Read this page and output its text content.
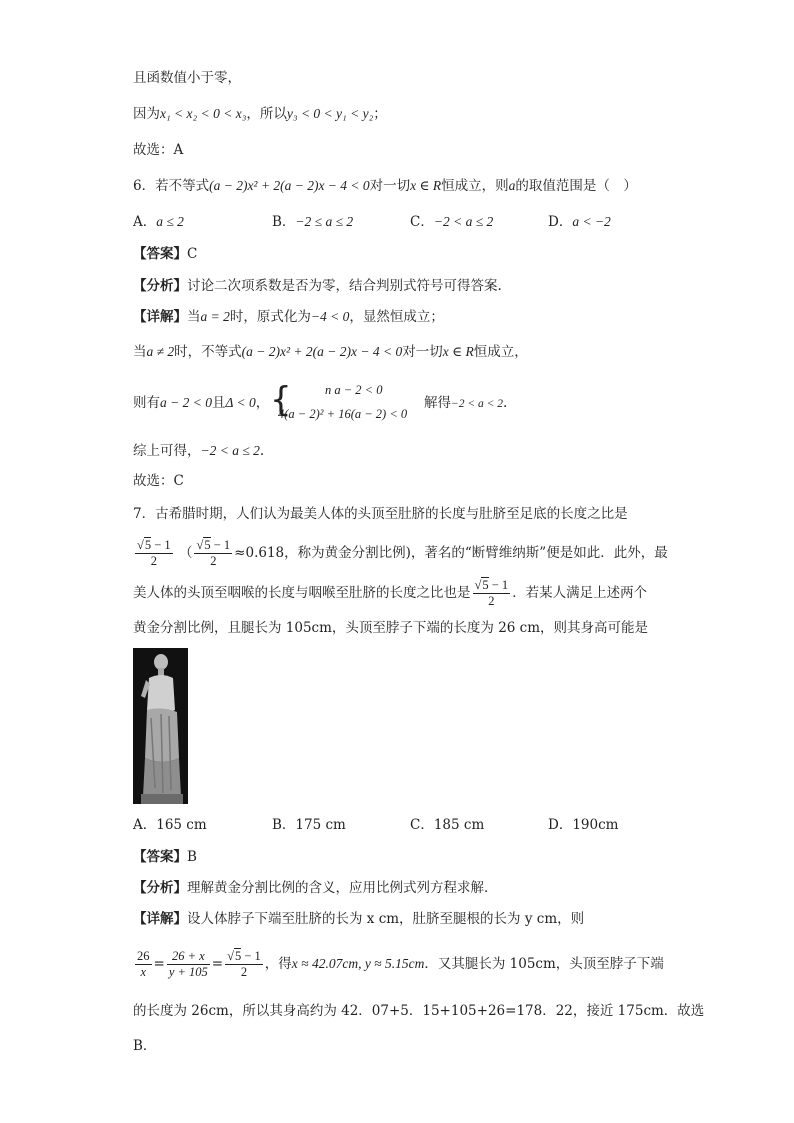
且函数值小于零，
因为x₁ < x₂ < 0 < x₃，所以y₃ < 0 < y₁ < y₂；
故选：A
6．若不等式(a − 2)x² + 2(a − 2)x − 4 < 0对一切x ∈ R恒成立，则a的取值范围是（　）
A．a ≤ 2	B．−2 ≤ a ≤ 2	C．−2 < a ≤ 2	D．a < −2
【答案】C
【分析】讨论二次项系数是否为零，结合判别式符号可得答案.
【详解】当a = 2时，原式化为−4 < 0，显然恒成立；
当a ≠ 2时，不等式(a − 2)x² + 2(a − 2)x − 4 < 0对一切x ∈ R恒成立，
则有a − 2 < 0且Δ < 0， {	n a − 2 < 0
4(a − 2)² + 16(a − 2) < 0
解得−2 < a < 2.
综上可得，−2 < a ≤ 2.
故选：C
7．古希腊时期，人们认为最美人体的头顶至肚脐的长度与肚脐至足底的长度之比是
$\frac{√5 - 1}{2}$ （ $\frac{√5 - 1}{2} \approx 0.618$，称为黄金分割比例)，著名的“断臂维纳斯”便是如此．此外，最
美人体的头顶至咽喉的长度与咽喉至肚脐的长度之比也是 $\frac{√5 - 1}{2}$ ．若某人满足上述两个
黄金分割比例，且腿长为 105cm，头顶至脖子下端的长度为 26 cm，则其身高可能是
A．165 cm	B．175 cm	C．185 cm	D．190cm
【答案】B
【分析】理解黄金分割比例的含义，应用比例式列方程求解．
【详解】设人体脖子下端至肚脐的长为 x cm，肚脐至腿根的长为 y cm，则
$\frac{26}{x} = \frac{26 + x}{y + 105} = \frac{√5 - 1}{2}$ ，得x ≈ 42.07cm, y ≈ 5.15cm．又其腿长为 105cm，头顶至脖子下端
的长度为 26cm，所以其身高约为 42．07+5．15+105+26=178．22，接近 175cm．故选
B．
